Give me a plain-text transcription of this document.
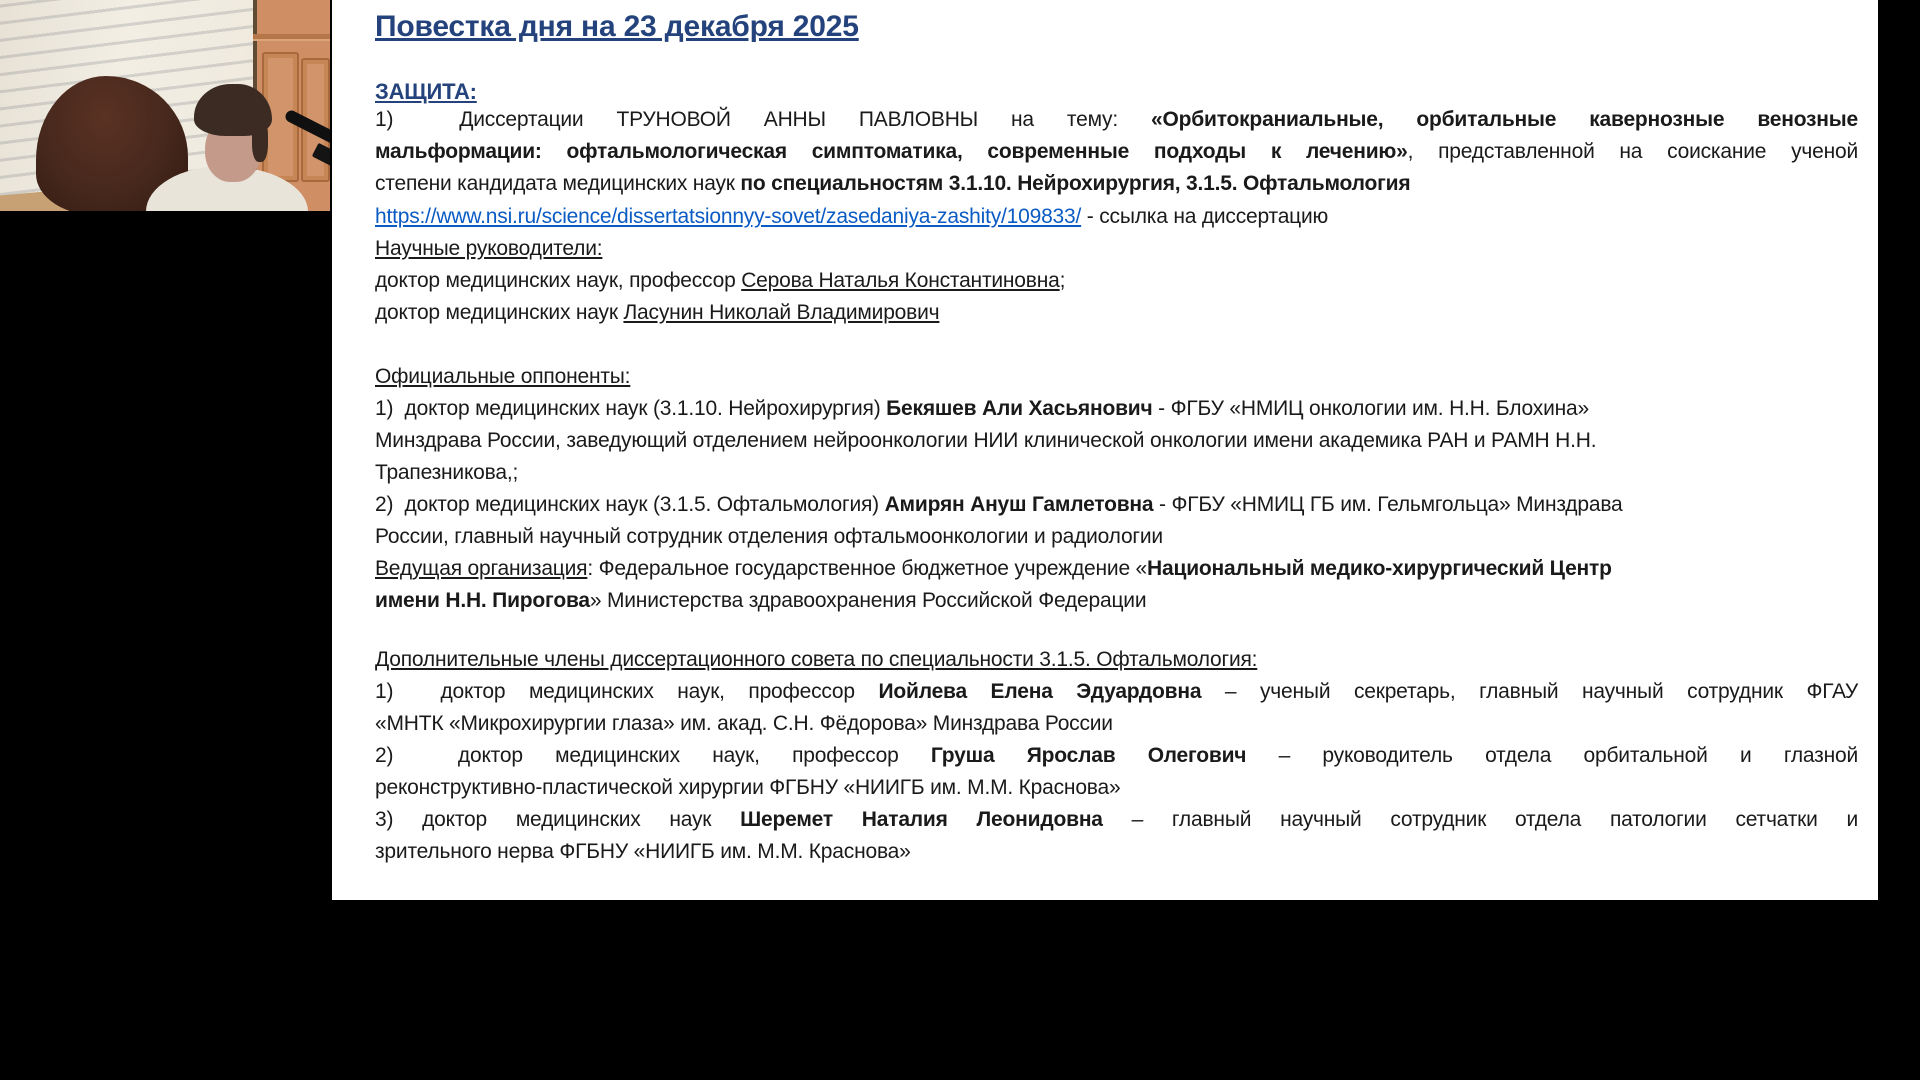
Повестка дня на 23 декабря 2025
ЗАЩИТА:
1)  Диссертации ТРУНОВОЙ АННЫ ПАВЛОВНЫ на тему: «Орбитокраниальные, орбитальные кавернозные венозные
мальформации: офтальмологическая симптоматика, современные подходы к лечению», представленной на соискание ученой
степени кандидата медицинских наук по специальностям 3.1.10. Нейрохирургия, 3.1.5. Офтальмология
https://www.nsi.ru/science/dissertatsionnyy-sovet/zasedaniya-zashity/109833/ - ссылка на диссертацию
Научные руководители:
доктор медицинских наук, профессор Серова Наталья Константиновна;
доктор медицинских наук Ласунин Николай Владимирович
Официальные оппоненты:
1)  доктор медицинских наук (3.1.10. Нейрохирургия) Бекяшев Али Хасьянович - ФГБУ «НМИЦ онкологии им. Н.Н. Блохина»
Минздрава России, заведующий отделением нейроонкологии НИИ клинической онкологии имени академика РАН и РАМН Н.Н.
Трапезникова,;
2)  доктор медицинских наук (3.1.5. Офтальмология) Амирян Ануш Гамлетовна - ФГБУ «НМИЦ ГБ им. Гельмгольца» Минздрава
России, главный научный сотрудник отделения офтальмоонкологии и радиологии
Ведущая организация: Федеральное государственное бюджетное учреждение «Национальный медико-хирургический Центр
имени Н.Н. Пирогова» Министерства здравоохранения Российской Федерации
Дополнительные члены диссертационного совета по специальности 3.1.5. Офтальмология:
1)  доктор медицинских наук, профессор Иойлева Елена Эдуардовна – ученый секретарь, главный научный сотрудник ФГАУ
«МНТК «Микрохирургии глаза» им. акад. С.Н. Фёдорова» Минздрава России
2)  доктор медицинских наук, профессор Груша Ярослав Олегович – руководитель отдела орбитальной и глазной
реконструктивно-пластической хирургии ФГБНУ «НИИГБ им. М.М. Краснова»
3) доктор медицинских наук Шеремет Наталия Леонидовна – главный научный сотрудник отдела патологии сетчатки и
зрительного нерва ФГБНУ «НИИГБ им. М.М. Краснова»
